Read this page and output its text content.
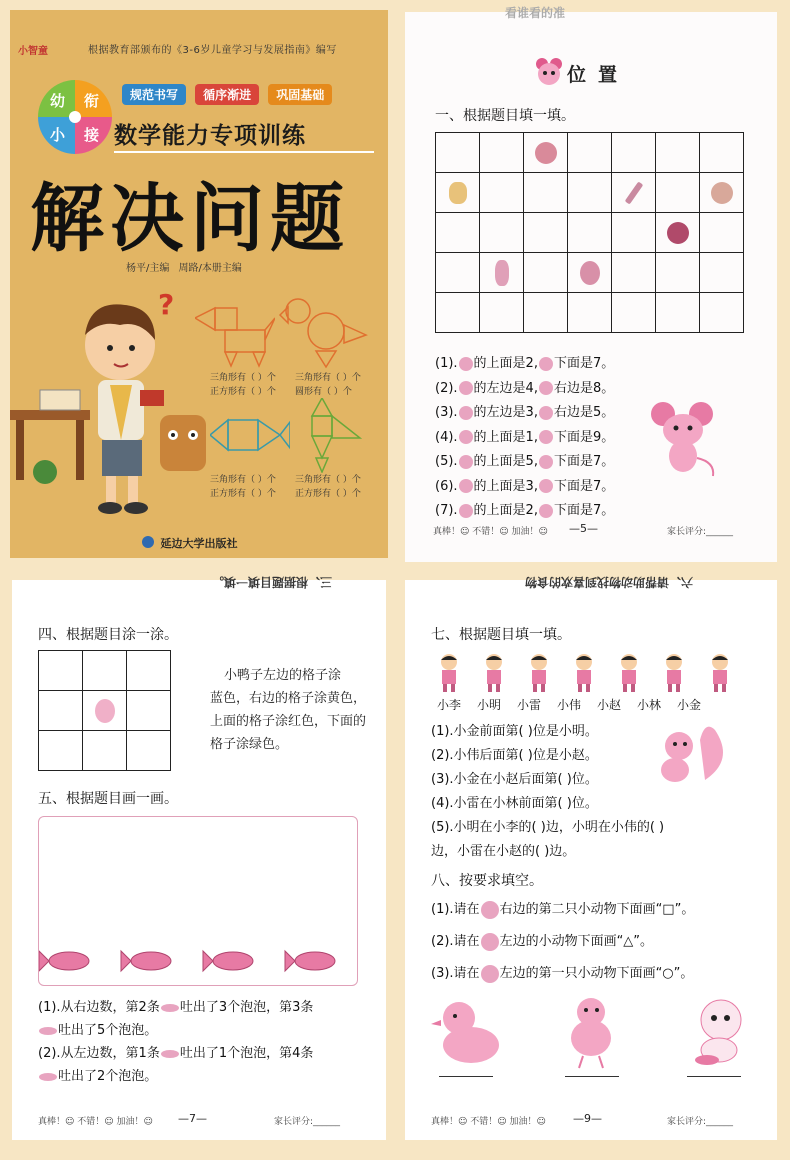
小智童	根据教育部颁布的《3-6岁儿童学习与发展指南》编写
幼 衔
小 接
规范书写 循序渐进 巩固基础
数学能力专项训练
解决问题
杨平/主编 周路/本册主编
?
三角形有（ ）个
正方形有（ ）个
三角形有（ ）个
圆形有（ ）个
三角形有（ ）个
正方形有（ ）个
三角形有（ ）个
正方形有（ ）个
延边大学出版社
看谁看的准
位置
一、根据题目填一填。

(1). 的上面是2, 下面是7。
(2). 的左边是4, 右边是8。
(3). 的左边是3, 右边是5。
(4). 的上面是1, 下面是9。
(5). 的上面是5, 下面是7。
(6). 的上面是3, 下面是7。
(7). 的上面是2, 下面是7。
真棒！☺ 不错！☺ 加油！☺ —5—	家长评分:______
三、根据题目填一填。
四、根据题目涂一涂。

小鸭子左边的格子涂
蓝色，右边的格子涂黄色，
上面的格子涂红色，下面的
格子涂绿色。
五、根据题目画一画。
(1).从右边数，第2条 吐出了3个泡泡，第3条
吐出了5个泡泡。
(2).从左边数，第1条 吐出了1个泡泡，第4条
吐出了2个泡泡。
真棒！☺ 不错！☺ 加油！☺ —7—	家长评分:______
六、请帮助动物找到喜欢的食物
七、根据题目填一填。

小李 小明 小雷 小伟 小赵 小林 小金
(1).小金前面第( )位是小明。
(2).小伟后面第( )位是小赵。
(3).小金在小赵后面第( )位。
(4).小雷在小林前面第( )位。
(5).小明在小李的( )边，小明在小伟的( )
边，小雷在小赵的( )边。
八、按要求填空。
(1).请在 右边的第二只小动物下面画“□”。
(2).请在 左边的小动物下面画“△”。
(3).请在 左边的第一只小动物下面画“○”。
真棒！☺ 不错！☺ 加油！☺ —9—	家长评分:______
